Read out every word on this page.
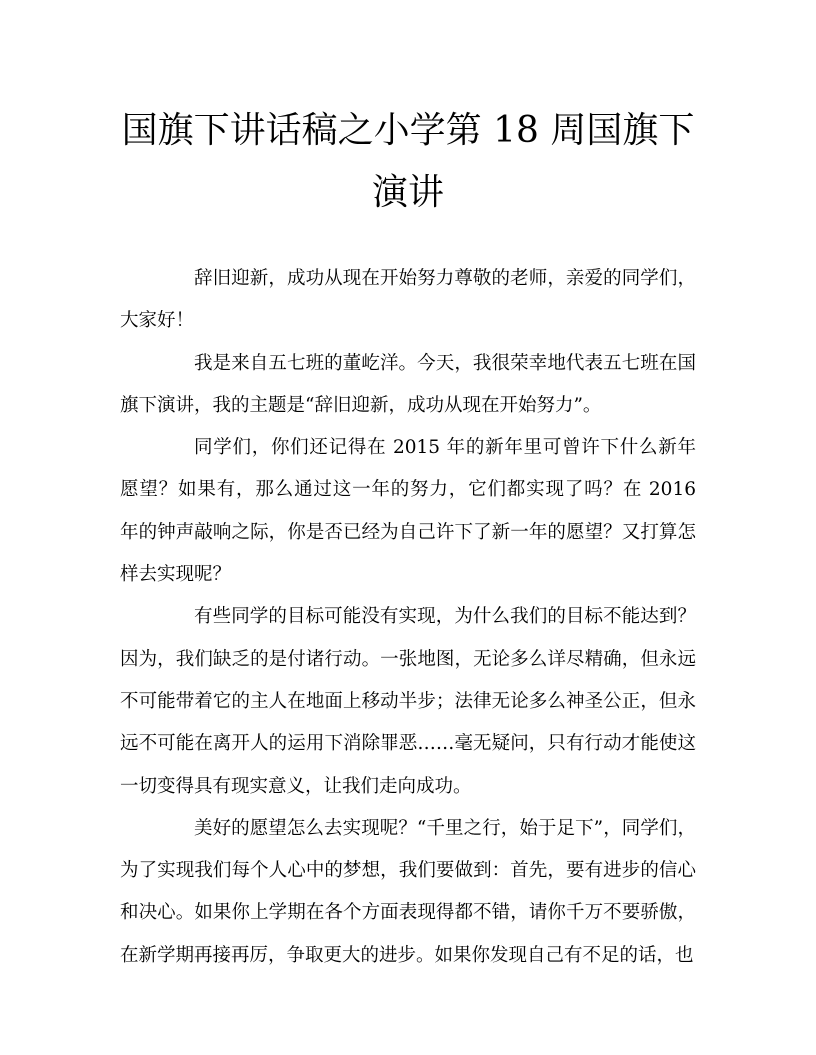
国旗下讲话稿之小学第 18 周国旗下演讲

辞旧迎新，成功从现在开始努力尊敬的老师，亲爱的同学们，大家好！

我是来自五七班的董屹洋。今天，我很荣幸地代表五七班在国旗下演讲，我的主题是“辞旧迎新，成功从现在开始努力”。

同学们，你们还记得在 2015 年的新年里可曾许下什么新年愿望？如果有，那么通过这一年的努力，它们都实现了吗？在 2016 年的钟声敲响之际，你是否已经为自己许下了新一年的愿望？又打算怎样去实现呢？

有些同学的目标可能没有实现，为什么我们的目标不能达到？因为，我们缺乏的是付诸行动。一张地图，无论多么详尽精确，但永远不可能带着它的主人在地面上移动半步；法律无论多么神圣公正，但永远不可能在离开人的运用下消除罪恶……毫无疑问，只有行动才能使这一切变得具有现实意义，让我们走向成功。

美好的愿望怎么去实现呢？“千里之行，始于足下”，同学们，为了实现我们每个人心中的梦想，我们要做到：首先，要有进步的信心和决心。如果你上学期在各个方面表现得都不错，请你千万不要骄傲，在新学期再接再厉，争取更大的进步。如果你发现自己有不足的话，也
